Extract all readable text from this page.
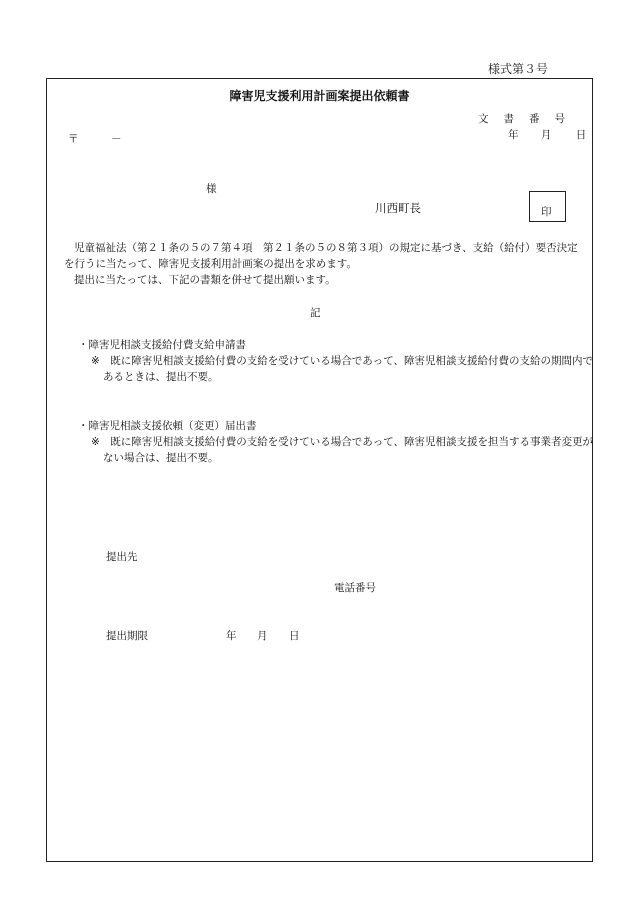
様式第３号
障害児支援利用計画案提出依頼書
文書番号
年 月 日
〒	－
様
川西町長	印
児童福祉法（第２１条の５の７第４項　第２１条の５の８第３項）の規定に基づき、支給（給付）要否決定を行うに当たって、障害児支援利用計画案の提出を求めます。
提出に当たっては、下記の書類を併せて提出願います。
記
・障害児相談支援給付費支給申請書
※　既に障害児相談支援給付費の支給を受けている場合であって、障害児相談支援給付費の支給の期間内であるときは、提出不要。
・障害児相談支援依頼（変更）届出書
※　既に障害児相談支援給付費の支給を受けている場合であって、障害児相談支援を担当する事業者変更がない場合は、提出不要。
提出先
電話番号
提出期限	年 月 日
